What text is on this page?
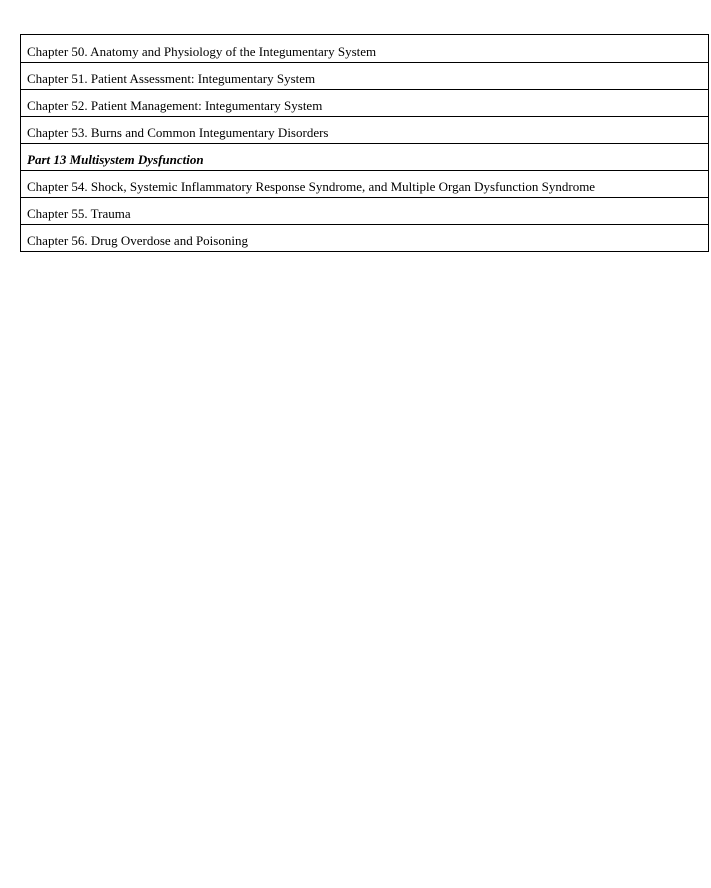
Chapter 50. Anatomy and Physiology of the Integumentary System
Chapter 51. Patient Assessment: Integumentary System
Chapter 52. Patient Management: Integumentary System
Chapter 53. Burns and Common Integumentary Disorders
Part 13 Multisystem Dysfunction
Chapter 54. Shock, Systemic Inflammatory Response Syndrome, and Multiple Organ Dysfunction Syndrome
Chapter 55. Trauma
Chapter 56. Drug Overdose and Poisoning
